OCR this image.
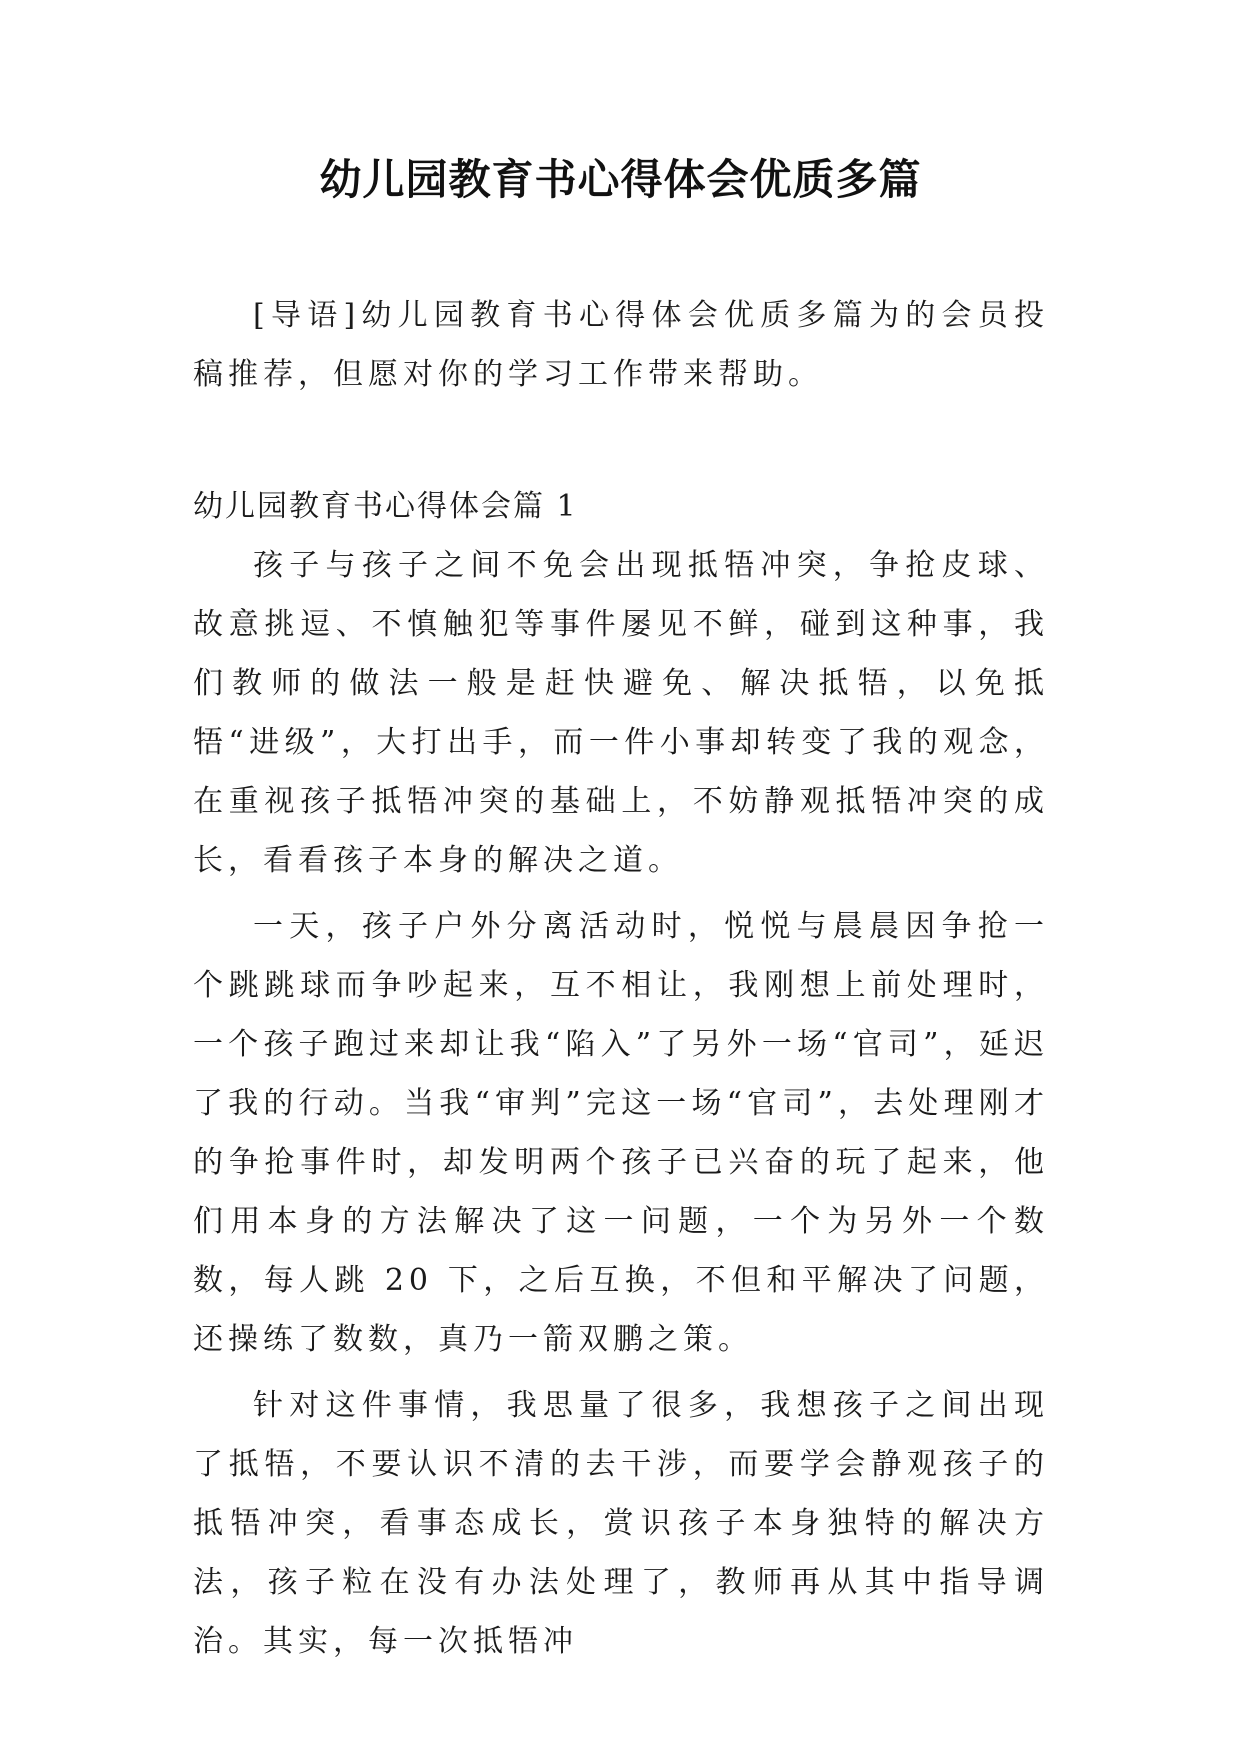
幼儿园教育书心得体会优质多篇

[导语]幼儿园教育书心得体会优质多篇为的会员投稿推荐，但愿对你的学习工作带来帮助。

幼儿园教育书心得体会篇 1

孩子与孩子之间不免会出现抵牾冲突，争抢皮球、故意挑逗、不慎触犯等事件屡见不鲜，碰到这种事，我们教师的做法一般是赶快避免、解决抵牾，以免抵牾“进级”，大打出手，而一件小事却转变了我的观念，在重视孩子抵牾冲突的基础上，不妨静观抵牾冲突的成长，看看孩子本身的解决之道。

一天，孩子户外分离活动时，悦悦与晨晨因争抢一个跳跳球而争吵起来，互不相让，我刚想上前处理时，一个孩子跑过来却让我“陷入”了另外一场“官司”，延迟了我的行动。当我“审判”完这一场“官司”，去处理刚才的争抢事件时，却发明两个孩子已兴奋的玩了起来，他们用本身的方法解决了这一问题，一个为另外一个数数，每人跳 20 下，之后互换，不但和平解决了问题，还操练了数数，真乃一箭双鹏之策。

针对这件事情，我思量了很多，我想孩子之间出现了抵牾，不要认识不清的去干涉，而要学会静观孩子的抵牾冲突，看事态成长，赏识孩子本身独特的解决方法，孩子粒在没有办法处理了，教师再从其中指导调治。其实，每一次抵牾冲
